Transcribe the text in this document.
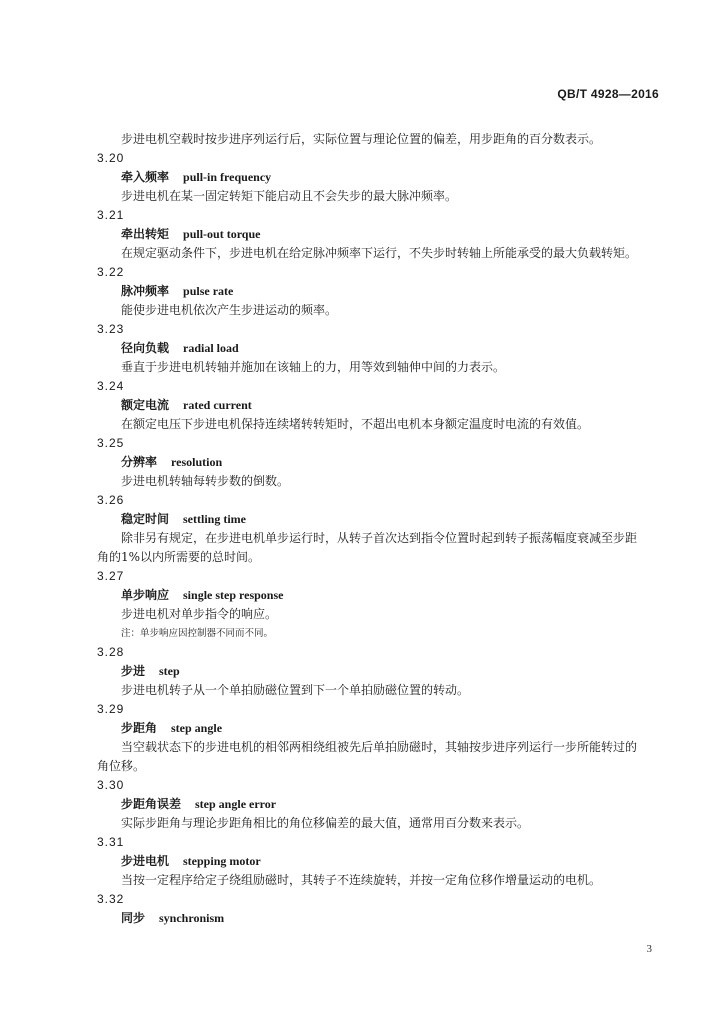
QB/T 4928—2016
步进电机空载时按步进序列运行后，实际位置与理论位置的偏差，用步距角的百分数表示。
3.20
牵入频率 pull-in frequency
步进电机在某一固定转矩下能启动且不会失步的最大脉冲频率。
3.21
牵出转矩 pull-out torque
在规定驱动条件下，步进电机在给定脉冲频率下运行，不失步时转轴上所能承受的最大负载转矩。
3.22
脉冲频率 pulse rate
能使步进电机依次产生步进运动的频率。
3.23
径向负载 radial load
垂直于步进电机转轴并施加在该轴上的力，用等效到轴伸中间的力表示。
3.24
额定电流 rated current
在额定电压下步进电机保持连续堵转转矩时，不超出电机本身额定温度时电流的有效值。
3.25
分辨率 resolution
步进电机转轴每转步数的倒数。
3.26
稳定时间 settling time
除非另有规定，在步进电机单步运行时，从转子首次达到指令位置时起到转子振荡幅度衰减至步距
角的1%以内所需要的总时间。
3.27
单步响应 single step response
步进电机对单步指令的响应。
注：单步响应因控制器不同而不同。
3.28
步进 step
步进电机转子从一个单拍励磁位置到下一个单拍励磁位置的转动。
3.29
步距角 step angle
当空载状态下的步进电机的相邻两相绕组被先后单拍励磁时，其轴按步进序列运行一步所能转过的
角位移。
3.30
步距角误差 step angle error
实际步距角与理论步距角相比的角位移偏差的最大值，通常用百分数来表示。
3.31
步进电机 stepping motor
当按一定程序给定子绕组励磁时，其转子不连续旋转，并按一定角位移作增量运动的电机。
3.32
同步 synchronism
3
